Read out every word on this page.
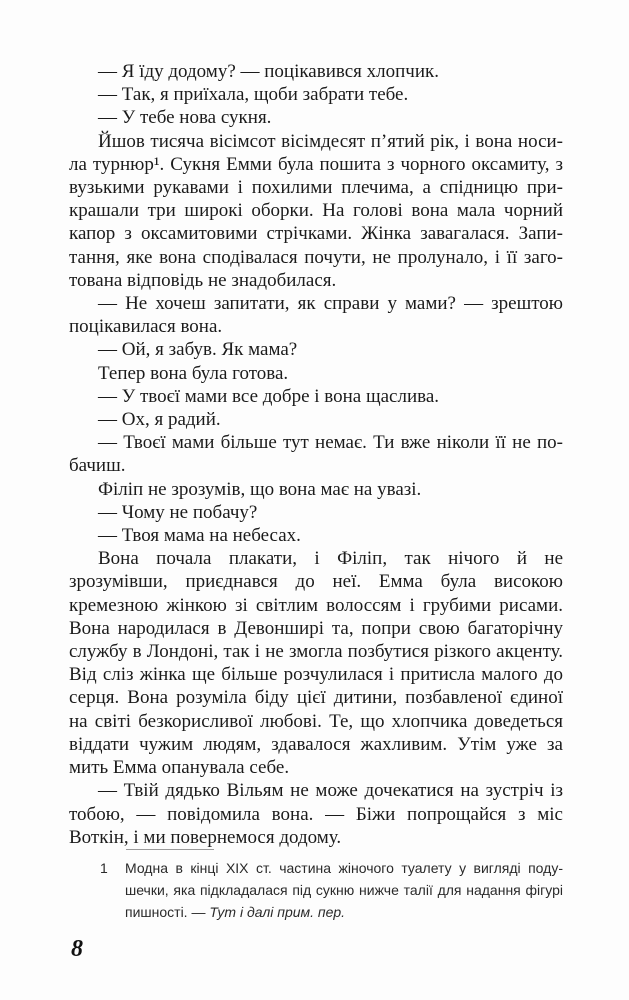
— Я їду додому? — поцікавився хлопчик.

— Так, я приїхала, щоби забрати тебе.

— У тебе нова сукня.

Йшов тисяча вісімсот вісімдесят п’ятий рік, і вона носила турнюр¹. Сукня Емми була пошита з чорного оксамиту, з вузькими рукавами і похилими плечима, а спідницю прикрашали три широкі оборки. На голові вона мала чорний капор з оксамитовими стрічками. Жінка завагалася. Запитання, яке вона сподівалася почути, не пролунало, і її заготована відповідь не знадобилася.

— Не хочеш запитати, як справи у мами? — зрештою поцікавилася вона.

— Ой, я забув. Як мама?

Тепер вона була готова.

— У твоєї мами все добре і вона щаслива.

— Ох, я радий.

— Твоєї мами більше тут немає. Ти вже ніколи її не побачиш.

Філіп не зрозумів, що вона має на увазі.

— Чому не побачу?

— Твоя мама на небесах.

Вона почала плакати, і Філіп, так нічого й не зрозумівши, приєднався до неї. Емма була високою кремезною жінкою зі світлим волоссям і грубими рисами. Вона народилася в Девонширі та, попри свою багаторічну службу в Лондоні, так і не змогла позбутися різкого акценту. Від сліз жінка ще більше розчулилася і притисла малого до серця. Вона розуміла біду цієї дитини, позбавленої єдиної на світі безкорисливої любові. Те, що хлопчика доведеться віддати чужим людям, здавалося жахливим. Утім уже за мить Емма опанувала себе.

— Твій дядько Вільям не може дочекатися на зустріч із тобою, — повідомила вона. — Біжи попрощайся з міс Воткін, і ми повернемося додому.

1	Модна в кінці XIX ст. частина жіночого туалету у вигляді подушечки, яка підкладалася під сукню нижче талії для надання фігурі пишності. — Тут і далі прим. пер.

8
